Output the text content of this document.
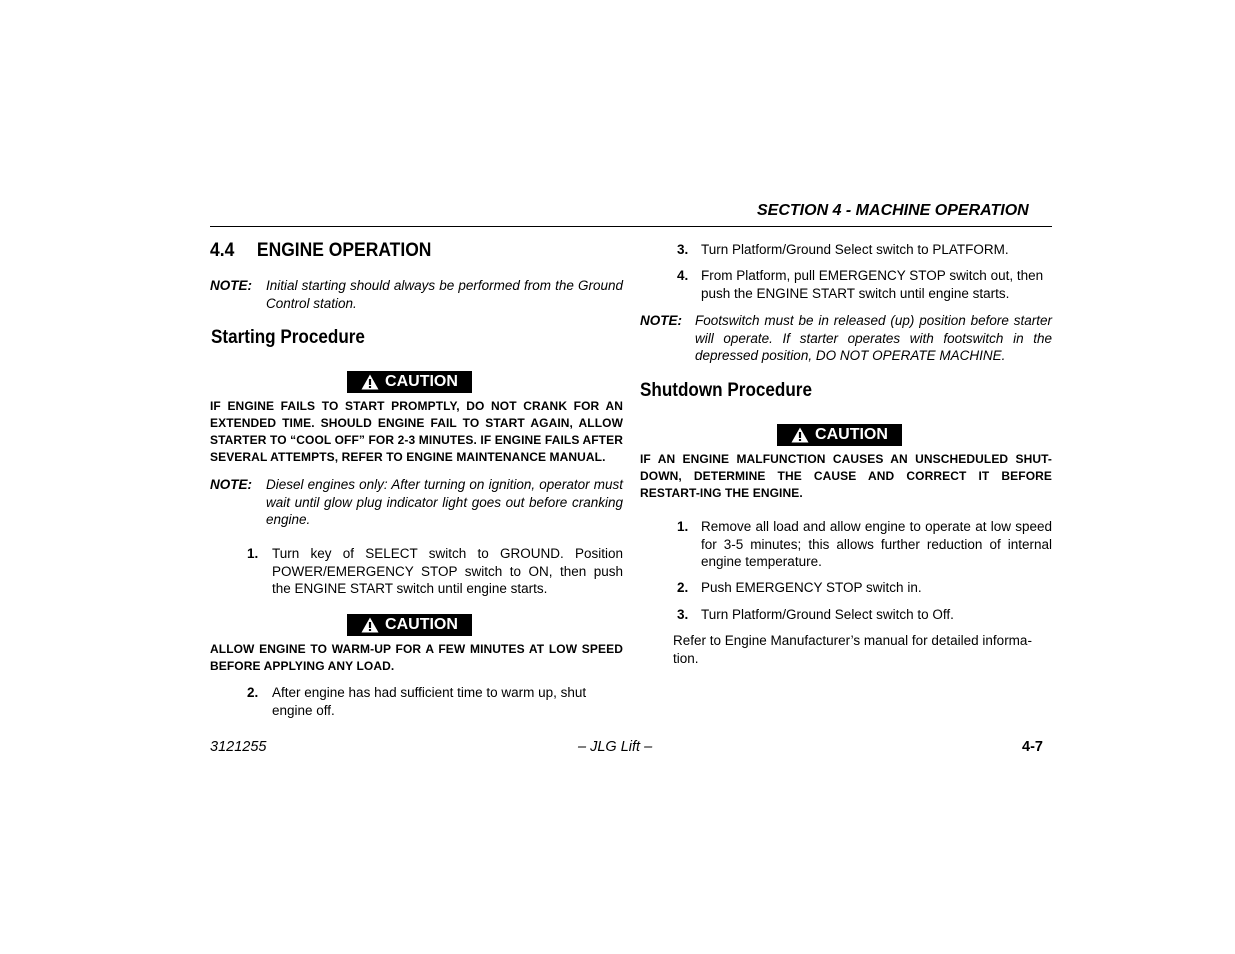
SECTION 4 - MACHINE OPERATION
4.4 ENGINE OPERATION
NOTE: Initial starting should always be performed from the Ground Control station.
Starting Procedure
CAUTION
IF ENGINE FAILS TO START PROMPTLY, DO NOT CRANK FOR AN EXTENDED TIME. SHOULD ENGINE FAIL TO START AGAIN, ALLOW STARTER TO “COOL OFF” FOR 2-3 MINUTES. IF ENGINE FAILS AFTER SEVERAL ATTEMPTS, REFER TO ENGINE MAINTENANCE MANUAL.
NOTE: Diesel engines only: After turning on ignition, operator must wait until glow plug indicator light goes out before cranking engine.
1. Turn key of SELECT switch to GROUND. Position POWER/EMERGENCY STOP switch to ON, then push the ENGINE START switch until engine starts.
CAUTION
ALLOW ENGINE TO WARM-UP FOR A FEW MINUTES AT LOW SPEED BEFORE APPLYING ANY LOAD.
2. After engine has had sufficient time to warm up, shut engine off.
3. Turn Platform/Ground Select switch to PLATFORM.
4. From Platform, pull EMERGENCY STOP switch out, then push the ENGINE START switch until engine starts.
NOTE: Footswitch must be in released (up) position before starter will operate. If starter operates with footswitch in the depressed position, DO NOT OPERATE MACHINE.
Shutdown Procedure
CAUTION
IF AN ENGINE MALFUNCTION CAUSES AN UNSCHEDULED SHUT-DOWN, DETERMINE THE CAUSE AND CORRECT IT BEFORE RESTART-ING THE ENGINE.
1. Remove all load and allow engine to operate at low speed for 3-5 minutes; this allows further reduction of internal engine temperature.
2. Push EMERGENCY STOP switch in.
3. Turn Platform/Ground Select switch to Off.
Refer to Engine Manufacturer’s manual for detailed informa-tion.
3121255	– JLG Lift –	4-7
